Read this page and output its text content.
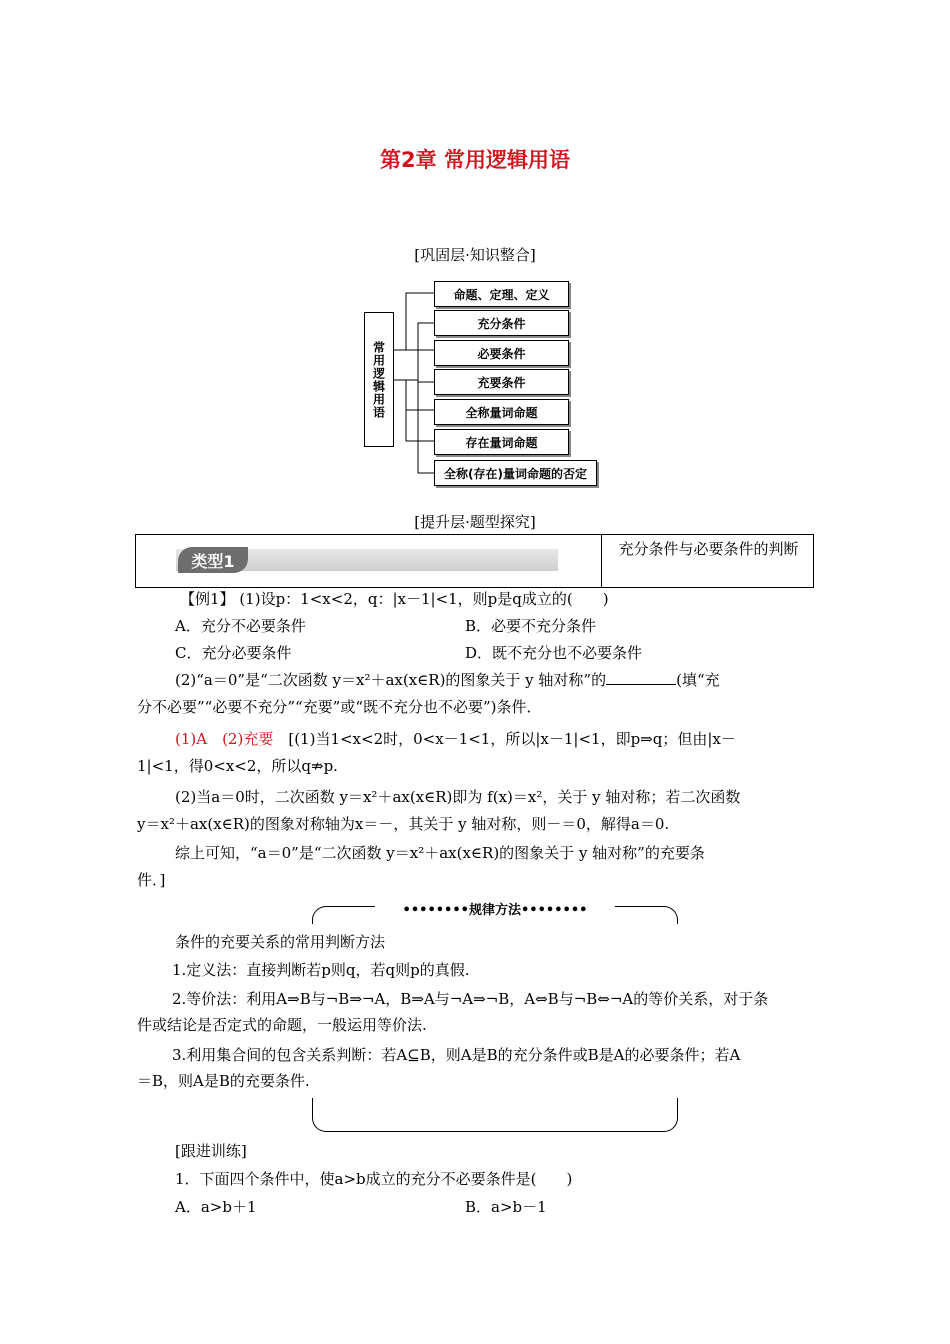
第2章 常用逻辑用语
[巩固层·知识整合]
常用逻辑用语
命题、定理、定义
充分条件
必要条件
充要条件
全称量词命题
存在量词命题
全称(存在)量词命题的否定
[提升层·题型探究]
类型1
充分条件与必要条件的判断
【例1】 (1)设p：1<x<2，q：|x－1|<1，则p是q成立的(　　)
A．充分不必要条件	B．必要不充分条件
C．充分必要条件	D．既不充分也不必要条件
(2)“a＝0”是“二次函数 y＝x²＋ax(x∈R)的图象关于 y 轴对称”的	(填“充
分不必要”“必要不充分”“充要”或“既不充分也不必要”)条件．
(1)A　(2)充要　 [(1)当1<x<2时，0<x－1<1，所以|x－1|<1，即p⇒q；但由|x－
1|<1，得0<x<2，所以q⇏p.
(2)当a＝0时，二次函数 y＝x²＋ax(x∈R)即为 f(x)＝x²，关于 y 轴对称；若二次函数
y＝x²＋ax(x∈R)的图象对称轴为x＝－，其关于 y 轴对称，则－＝0，解得a＝0.
综上可知，“a＝0”是“二次函数 y＝x²＋ax(x∈R)的图象关于 y 轴对称”的充要条
件．]
••••••••规律方法••••••••
条件的充要关系的常用判断方法
1.定义法：直接判断若p则q，若q则p的真假.
2.等价法：利用A⇒B与¬B⇒¬A，B⇒A与¬A⇒¬B，A⇔B与¬B⇔¬A的等价关系，对于条
件或结论是否定式的命题，一般运用等价法.
3.利用集合间的包含关系判断：若A⊆B，则A是B的充分条件或B是A的必要条件；若A
＝B，则A是B的充要条件.
[跟进训练]
1．下面四个条件中，使a>b成立的充分不必要条件是(　　)
A．a>b＋1	B．a>b－1
